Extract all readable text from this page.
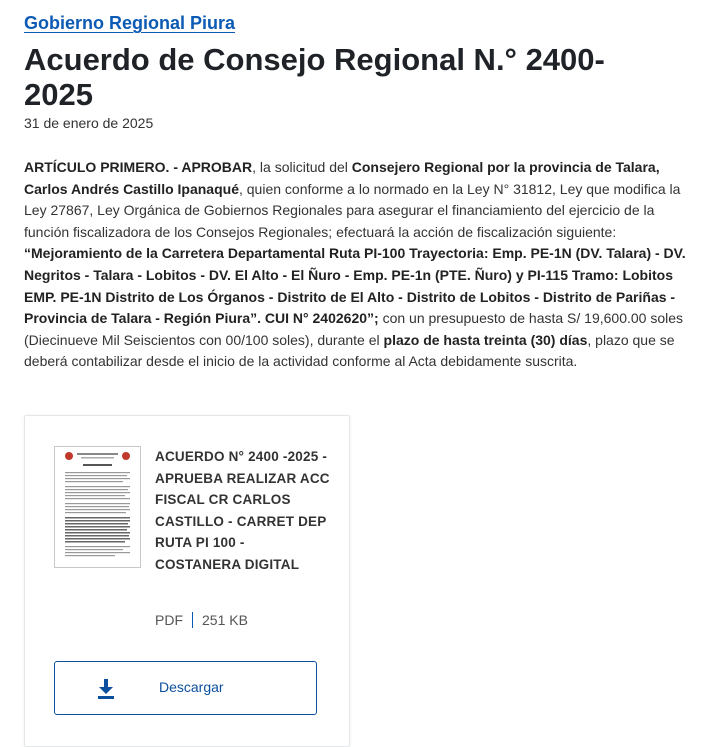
Gobierno Regional Piura
Acuerdo de Consejo Regional N.° 2400-2025
31 de enero de 2025

ARTÍCULO PRIMERO. - APROBAR, la solicitud del Consejero Regional por la provincia de Talara, Carlos Andrés Castillo Ipanaqué, quien conforme a lo normado en la Ley N° 31812, Ley que modifica la Ley 27867, Ley Orgánica de Gobiernos Regionales para asegurar el financiamiento del ejercicio de la función fiscalizadora de los Consejos Regionales; efectuará la acción de fiscalización siguiente: “Mejoramiento de la Carretera Departamental Ruta PI-100 Trayectoria: Emp. PE-1N (DV. Talara) - DV. Negritos - Talara - Lobitos - DV. El Alto - El Ñuro - Emp. PE-1n (PTE. Ñuro) y PI-115 Tramo: Lobitos EMP. PE-1N Distrito de Los Órganos - Distrito de El Alto - Distrito de Lobitos - Distrito de Pariñas - Provincia de Talara - Región Piura”. CUI N° 2402620”; con un presupuesto de hasta S/ 19,600.00 soles (Diecinueve Mil Seiscientos con 00/100 soles), durante el plazo de hasta treinta (30) días, plazo que se deberá contabilizar desde el inicio de la actividad conforme al Acta debidamente suscrita.

ACUERDO N° 2400 -2025 - APRUEBA REALIZAR ACC FISCAL CR CARLOS CASTILLO - CARRET DEP RUTA PI 100 - COSTANERA DIGITAL
PDF 251 KB
Descargar
